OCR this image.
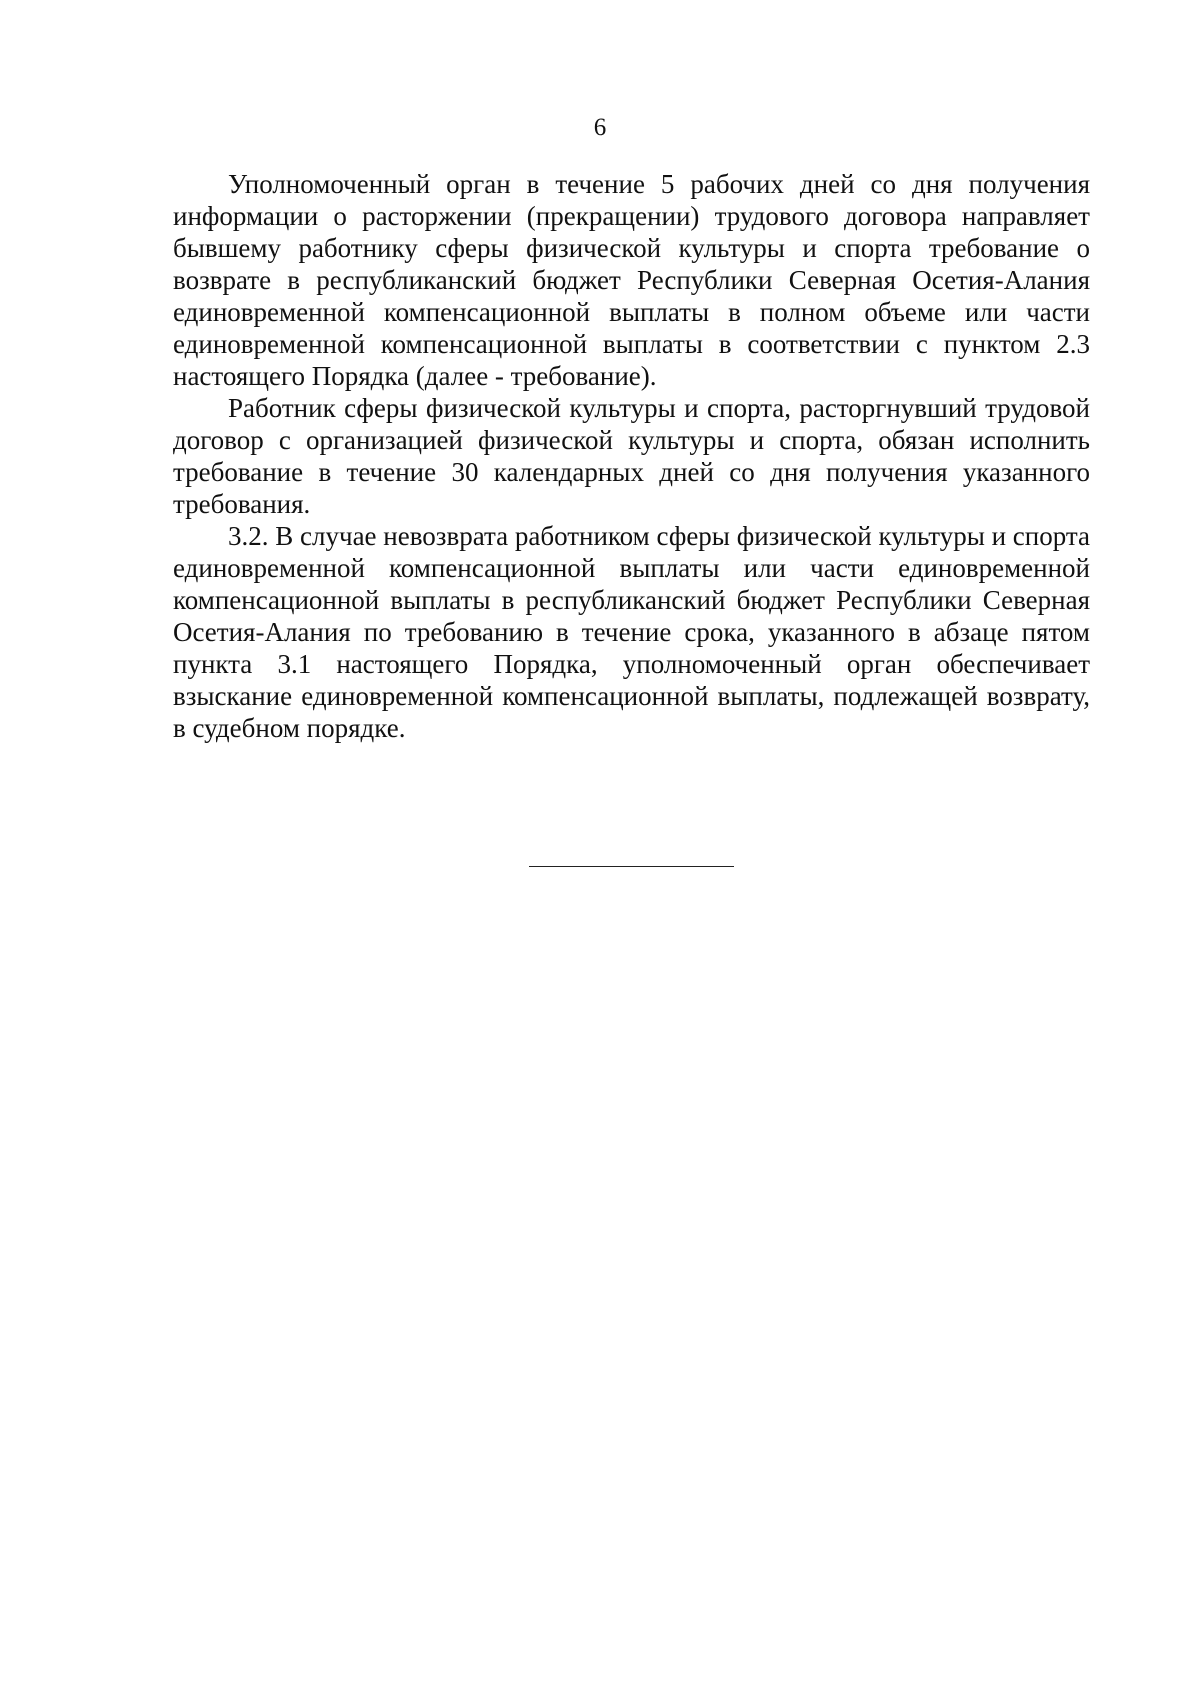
6

Уполномоченный орган в течение 5 рабочих дней со дня получения информации о расторжении (прекращении) трудового договора направляет бывшему работнику сферы физической культуры и спорта требование о возврате в республиканский бюджет Республики Северная Осетия-Алания единовременной компенсационной выплаты в полном объеме или части единовременной компенсационной выплаты в соответствии с пунктом 2.3 настоящего Порядка (далее - требование).

Работник сферы физической культуры и спорта, расторгнувший трудовой договор с организацией физической культуры и спорта, обязан исполнить требование в течение 30 календарных дней со дня получения указанного требования.

3.2. В случае невозврата работником сферы физической культуры и спорта единовременной компенсационной выплаты или части единовременной компенсационной выплаты в республиканский бюджет Республики Северная Осетия-Алания по требованию в течение срока, указанного в абзаце пятом пункта 3.1 настоящего Порядка, уполномоченный орган обеспечивает взыскание единовременной компенсационной выплаты, подлежащей возврату, в судебном порядке.
